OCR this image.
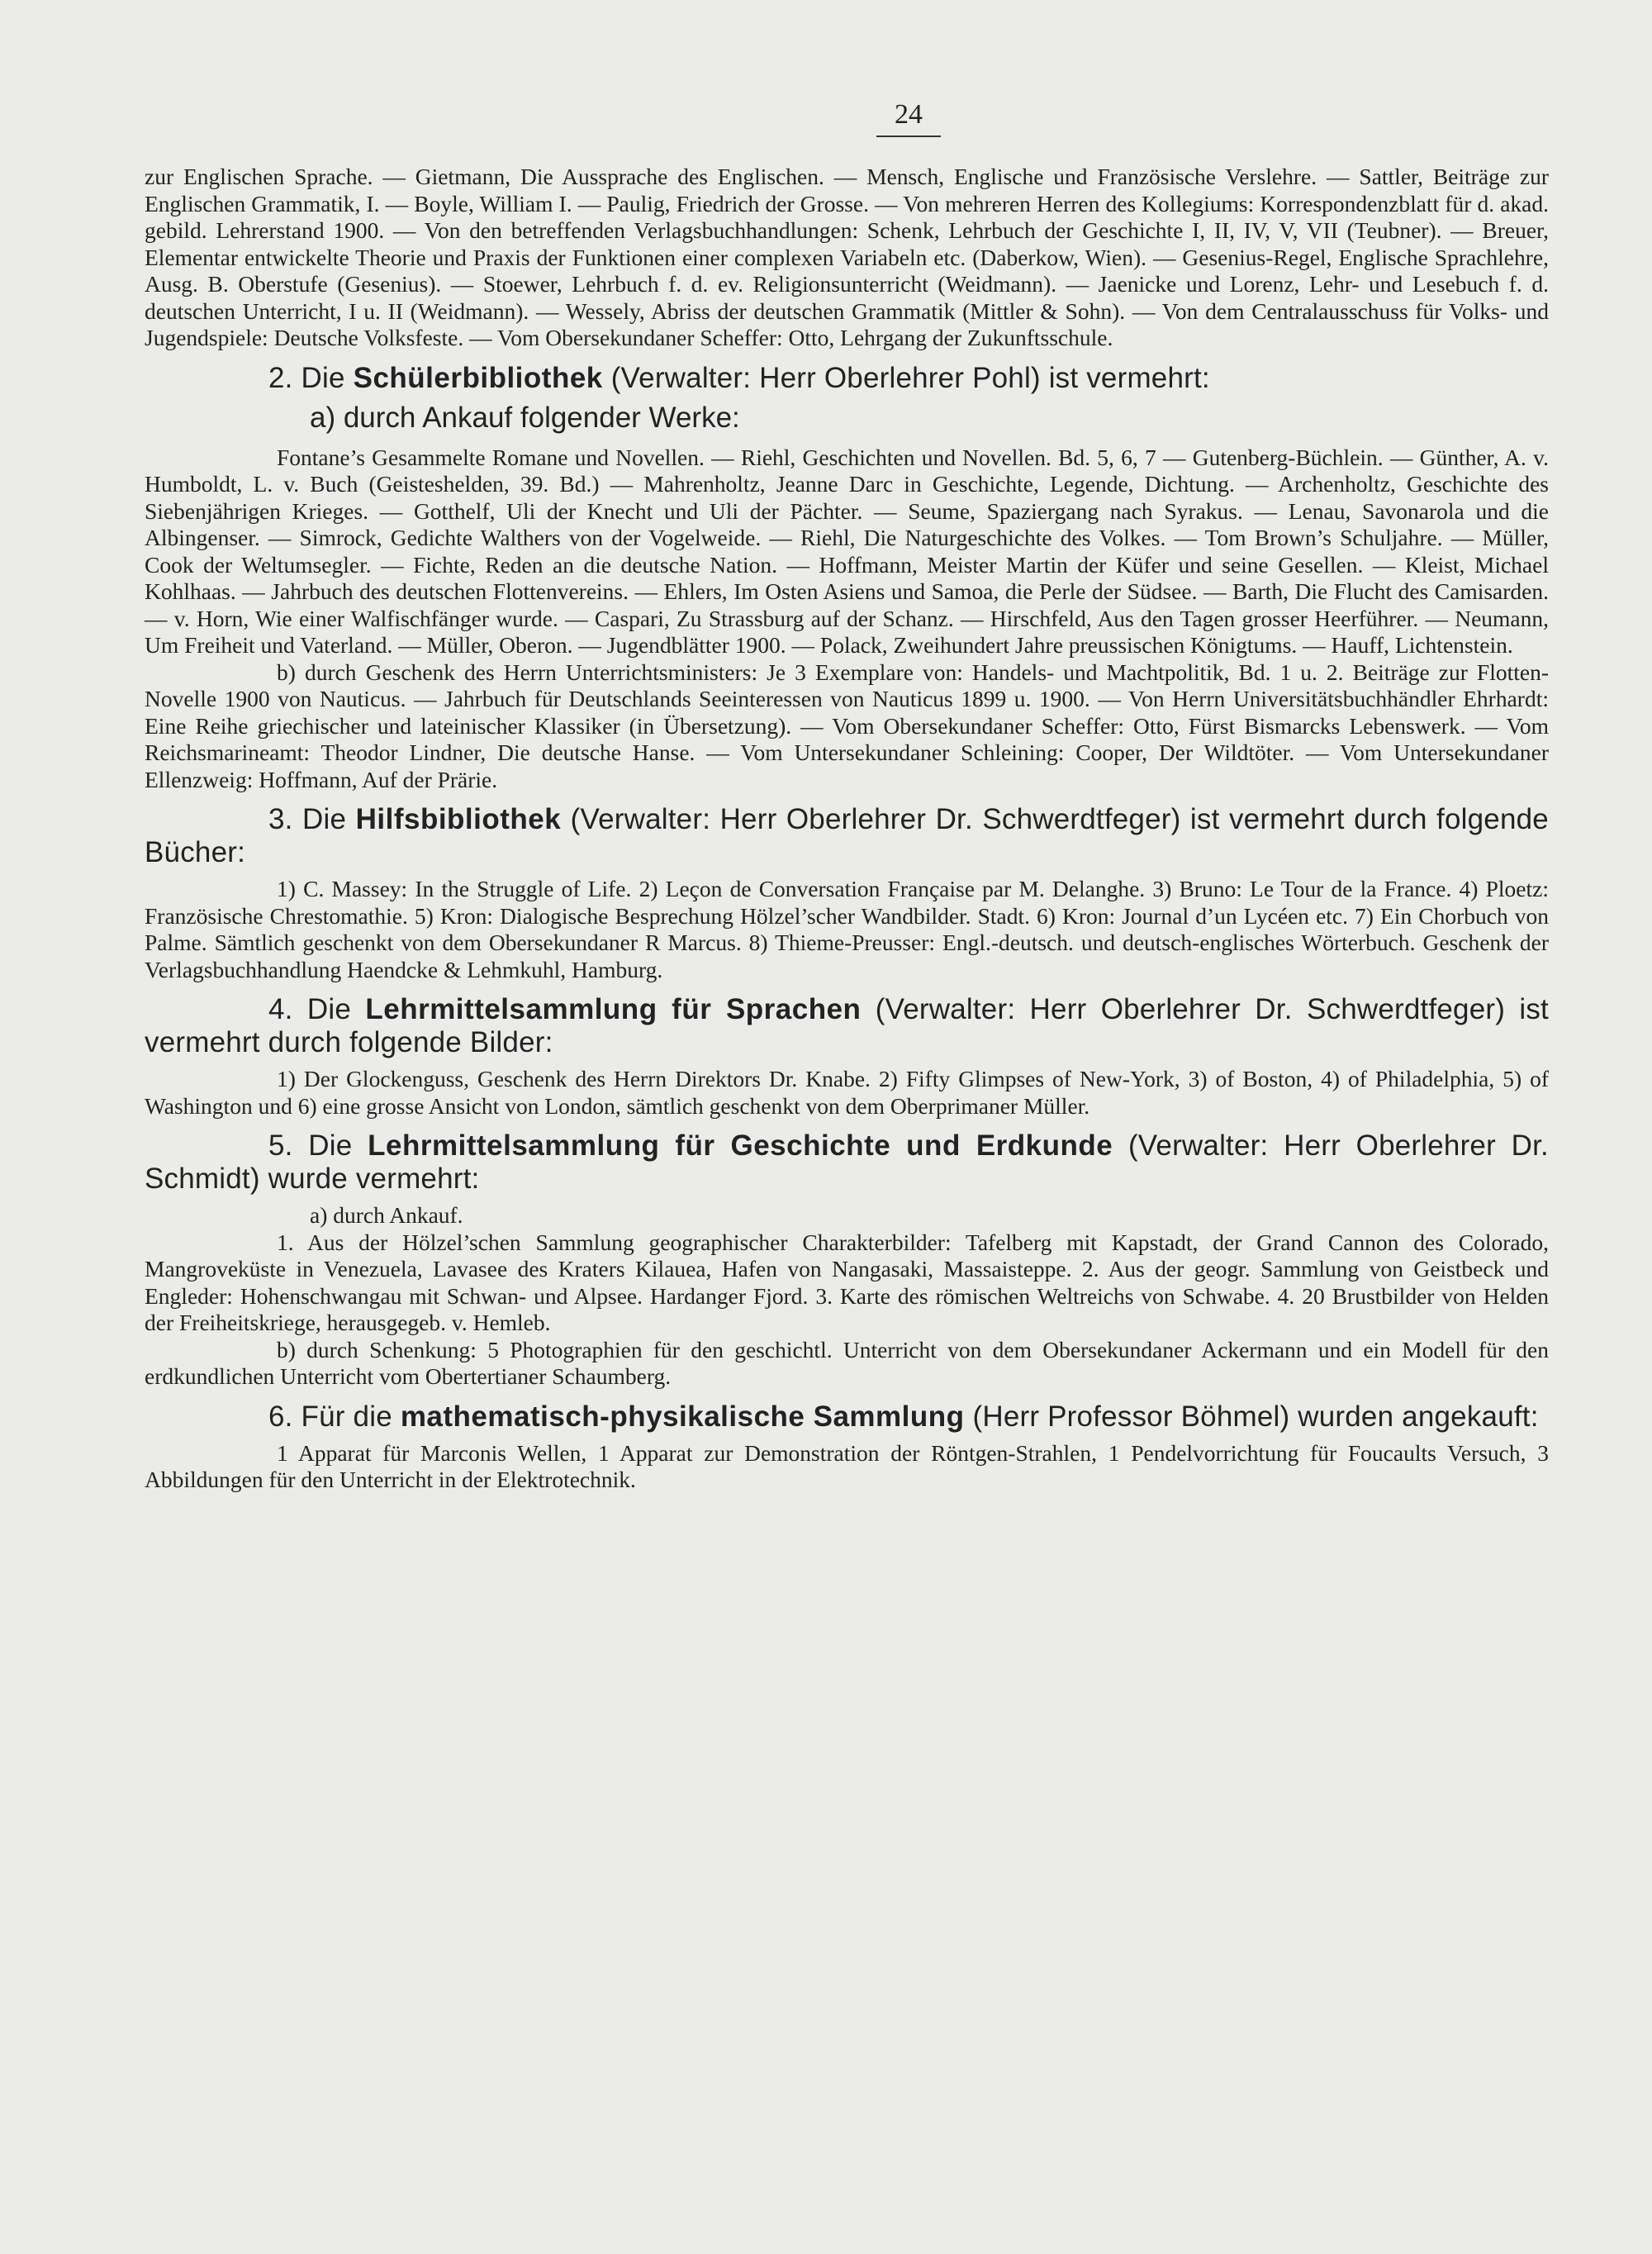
24

zur Englischen Sprache. — Gietmann, Die Aussprache des Englischen. — Mensch, Englische und Französische Verslehre. — Sattler, Beiträge zur Englischen Grammatik, I. — Boyle, William I. — Paulig, Friedrich der Grosse. — Von mehreren Herren des Kollegiums: Korrespondenzblatt für d. akad. gebild. Lehrerstand 1900. — Von den betreffenden Verlagsbuchhandlungen: Schenk, Lehrbuch der Geschichte I, II, IV, V, VII (Teubner). — Breuer, Elementar entwickelte Theorie und Praxis der Funktionen einer complexen Variabeln etc. (Daberkow, Wien). — Gesenius-Regel, Englische Sprachlehre, Ausg. B. Oberstufe (Gesenius). — Stoewer, Lehrbuch f. d. ev. Religionsunterricht (Weidmann). — Jaenicke und Lorenz, Lehr- und Lesebuch f. d. deutschen Unterricht, I u. II (Weidmann). — Wessely, Abriss der deutschen Grammatik (Mittler & Sohn). — Von dem Centralausschuss für Volks- und Jugendspiele: Deutsche Volksfeste. — Vom Obersekundaner Scheffer: Otto, Lehrgang der Zukunftsschule.

2. Die Schülerbibliothek (Verwalter: Herr Oberlehrer Pohl) ist vermehrt:
a) durch Ankauf folgender Werke:

Fontane’s Gesammelte Romane und Novellen. — Riehl, Geschichten und Novellen. Bd. 5, 6, 7 — Gutenberg-Büchlein. — Günther, A. v. Humboldt, L. v. Buch (Geisteshelden, 39. Bd.) — Mahrenholtz, Jeanne Darc in Geschichte, Legende, Dichtung. — Archenholtz, Geschichte des Siebenjährigen Krieges. — Gotthelf, Uli der Knecht und Uli der Pächter. — Seume, Spaziergang nach Syrakus. — Lenau, Savonarola und die Albingenser. — Simrock, Gedichte Walthers von der Vogelweide. — Riehl, Die Naturgeschichte des Volkes. — Tom Brown’s Schuljahre. — Müller, Cook der Weltumsegler. — Fichte, Reden an die deutsche Nation. — Hoffmann, Meister Martin der Küfer und seine Gesellen. — Kleist, Michael Kohlhaas. — Jahrbuch des deutschen Flottenvereins. — Ehlers, Im Osten Asiens und Samoa, die Perle der Südsee. — Barth, Die Flucht des Camisarden. — v. Horn, Wie einer Walfischfänger wurde. — Caspari, Zu Strassburg auf der Schanz. — Hirschfeld, Aus den Tagen grosser Heerführer. — Neumann, Um Freiheit und Vaterland. — Müller, Oberon. — Jugendblätter 1900. — Polack, Zweihundert Jahre preussischen Königtums. — Hauff, Lichtenstein.

b) durch Geschenk des Herrn Unterrichtsministers: Je 3 Exemplare von: Handels- und Machtpolitik, Bd. 1 u. 2. Beiträge zur Flotten-Novelle 1900 von Nauticus. — Jahrbuch für Deutschlands Seeinteressen von Nauticus 1899 u. 1900. — Von Herrn Universitätsbuchhändler Ehrhardt: Eine Reihe griechischer und lateinischer Klassiker (in Übersetzung). — Vom Obersekundaner Scheffer: Otto, Fürst Bismarcks Lebenswerk. — Vom Reichsmarineamt: Theodor Lindner, Die deutsche Hanse. — Vom Untersekundaner Schleining: Cooper, Der Wildtöter. — Vom Untersekundaner Ellenzweig: Hoffmann, Auf der Prärie.

3. Die Hilfsbibliothek (Verwalter: Herr Oberlehrer Dr. Schwerdtfeger) ist vermehrt durch folgende Bücher:

1) C. Massey: In the Struggle of Life. 2) Leçon de Conversation Française par M. Delanghe. 3) Bruno: Le Tour de la France. 4) Ploetz: Französische Chrestomathie. 5) Kron: Dialogische Besprechung Hölzel’scher Wandbilder. Stadt. 6) Kron: Journal d’un Lycéen etc. 7) Ein Chorbuch von Palme. Sämtlich geschenkt von dem Obersekundaner R Marcus. 8) Thieme-Preusser: Engl.-deutsch. und deutsch-englisches Wörterbuch. Geschenk der Verlagsbuchhandlung Haendcke & Lehmkuhl, Hamburg.

4. Die Lehrmittelsammlung für Sprachen (Verwalter: Herr Oberlehrer Dr. Schwerdtfeger) ist vermehrt durch folgende Bilder:

1) Der Glockenguss, Geschenk des Herrn Direktors Dr. Knabe. 2) Fifty Glimpses of New-York, 3) of Boston, 4) of Philadelphia, 5) of Washington und 6) eine grosse Ansicht von London, sämtlich geschenkt von dem Oberprimaner Müller.

5. Die Lehrmittelsammlung für Geschichte und Erdkunde (Verwalter: Herr Oberlehrer Dr. Schmidt) wurde vermehrt:

a) durch Ankauf.

1. Aus der Hölzel’schen Sammlung geographischer Charakterbilder: Tafelberg mit Kapstadt, der Grand Cannon des Colorado, Mangroveküste in Venezuela, Lavasee des Kraters Kilauea, Hafen von Nangasaki, Massaisteppe. 2. Aus der geogr. Sammlung von Geistbeck und Engleder: Hohenschwangau mit Schwan- und Alpsee. Hardanger Fjord. 3. Karte des römischen Weltreichs von Schwabe. 4. 20 Brustbilder von Helden der Freiheitskriege, herausgegeb. v. Hemleb.

b) durch Schenkung: 5 Photographien für den geschichtl. Unterricht von dem Obersekundaner Ackermann und ein Modell für den erdkundlichen Unterricht vom Obertertianer Schaumberg.

6. Für die mathematisch-physikalische Sammlung (Herr Professor Böhmel) wurden angekauft:

1 Apparat für Marconis Wellen, 1 Apparat zur Demonstration der Röntgen-Strahlen, 1 Pendelvorrichtung für Foucaults Versuch, 3 Abbildungen für den Unterricht in der Elektrotechnik.
